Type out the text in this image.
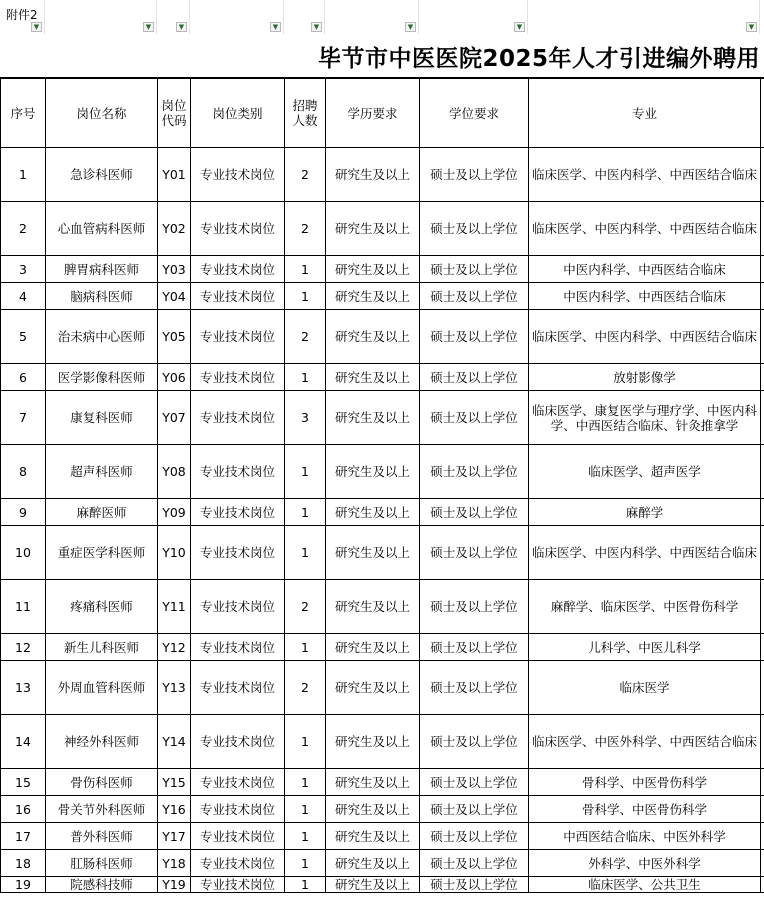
附件2
▼	▼	▼	▼	▼	▼	▼	▼
毕节市中医医院2025年人才引进编外聘用
序号	岗位名称	岗位代码	岗位类别	招聘人数	学历要求	学位要求	专业	
1	急诊科医师	Y01	专业技术岗位	2	研究生及以上	硕士及以上学位	临床医学、中医内科学、中西医结合临床	
2	心血管病科医师	Y02	专业技术岗位	2	研究生及以上	硕士及以上学位	临床医学、中医内科学、中西医结合临床	
3	脾胃病科医师	Y03	专业技术岗位	1	研究生及以上	硕士及以上学位	中医内科学、中西医结合临床	
4	脑病科医师	Y04	专业技术岗位	1	研究生及以上	硕士及以上学位	中医内科学、中西医结合临床	
5	治未病中心医师	Y05	专业技术岗位	2	研究生及以上	硕士及以上学位	临床医学、中医内科学、中西医结合临床	
6	医学影像科医师	Y06	专业技术岗位	1	研究生及以上	硕士及以上学位	放射影像学	
7	康复科医师	Y07	专业技术岗位	3	研究生及以上	硕士及以上学位	临床医学、康复医学与理疗学、中医内科学、中西医结合临床、针灸推拿学	
8	超声科医师	Y08	专业技术岗位	1	研究生及以上	硕士及以上学位	临床医学、超声医学	
9	麻醉医师	Y09	专业技术岗位	1	研究生及以上	硕士及以上学位	麻醉学	
10	重症医学科医师	Y10	专业技术岗位	1	研究生及以上	硕士及以上学位	临床医学、中医内科学、中西医结合临床	
11	疼痛科医师	Y11	专业技术岗位	2	研究生及以上	硕士及以上学位	麻醉学、临床医学、中医骨伤科学	
12	新生儿科医师	Y12	专业技术岗位	1	研究生及以上	硕士及以上学位	儿科学、中医儿科学	
13	外周血管科医师	Y13	专业技术岗位	2	研究生及以上	硕士及以上学位	临床医学	
14	神经外科医师	Y14	专业技术岗位	1	研究生及以上	硕士及以上学位	临床医学、中医外科学、中西医结合临床	
15	骨伤科医师	Y15	专业技术岗位	1	研究生及以上	硕士及以上学位	骨科学、中医骨伤科学	
16	骨关节外科医师	Y16	专业技术岗位	1	研究生及以上	硕士及以上学位	骨科学、中医骨伤科学	
17	普外科医师	Y17	专业技术岗位	1	研究生及以上	硕士及以上学位	中西医结合临床、中医外科学	
18	肛肠科医师	Y18	专业技术岗位	1	研究生及以上	硕士及以上学位	外科学、中医外科学	
19	院感科技师	Y19	专业技术岗位	1	研究生及以上	硕士及以上学位	临床医学、公共卫生	
